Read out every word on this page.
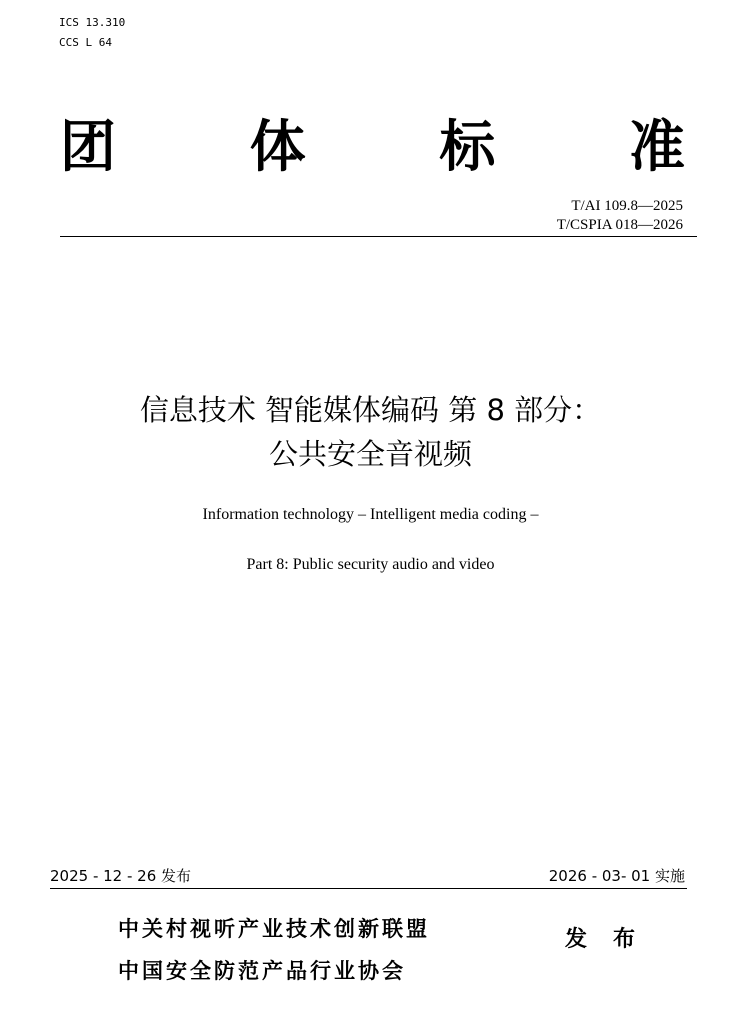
ICS 13.310
CCS L 64
团 体 标 准
T/AI 109.8—2025
T/CSPIA 018—2026
信息技术 智能媒体编码 第 8 部分：
公共安全音视频
Information technology – Intelligent media coding –
Part 8: Public security audio and video
2025 - 12 - 26 发布	2026 - 03- 01 实施
中关村视听产业技术创新联盟
中国安全防范产品行业协会
发布
